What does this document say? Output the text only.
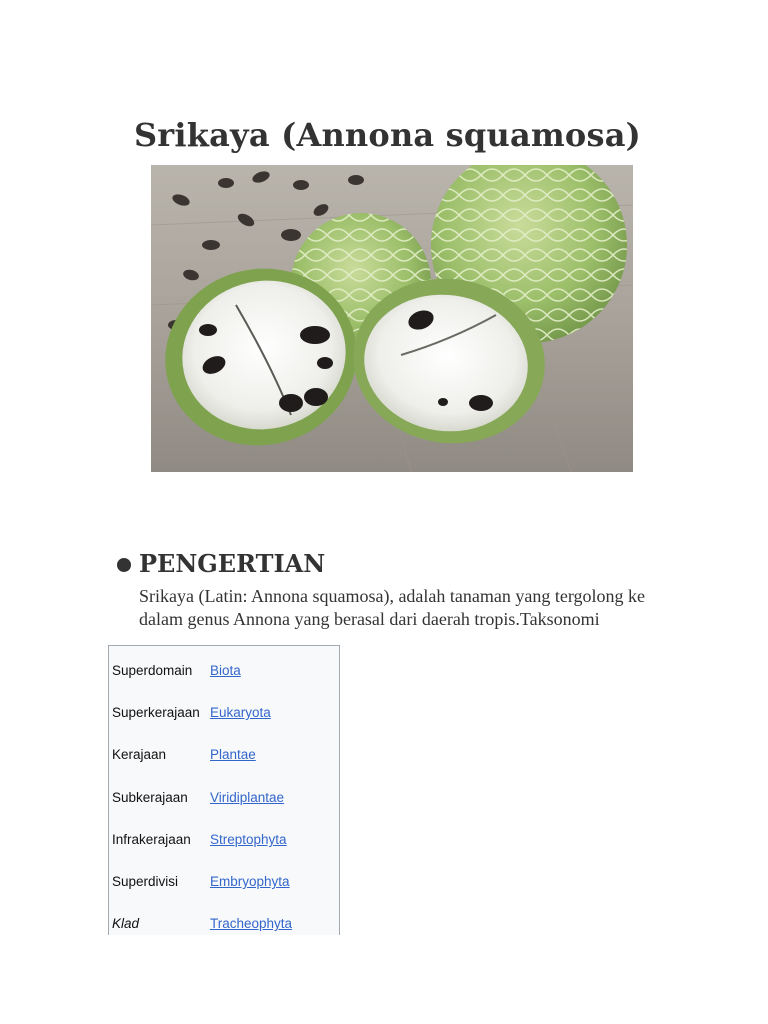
Srikaya (Annona squamosa)
PENGERTIAN

Srikaya (Latin: Annona squamosa), adalah tanaman yang tergolong ke
dalam genus Annona yang berasal dari daerah tropis.Taksonomi

Superdomain Biota
Superkerajaan Eukaryota
Kerajaan	Plantae
Subkerajaan Viridiplantae
Infrakerajaan Streptophyta
Superdivisi Embryophyta
Klad	Tracheophyta
